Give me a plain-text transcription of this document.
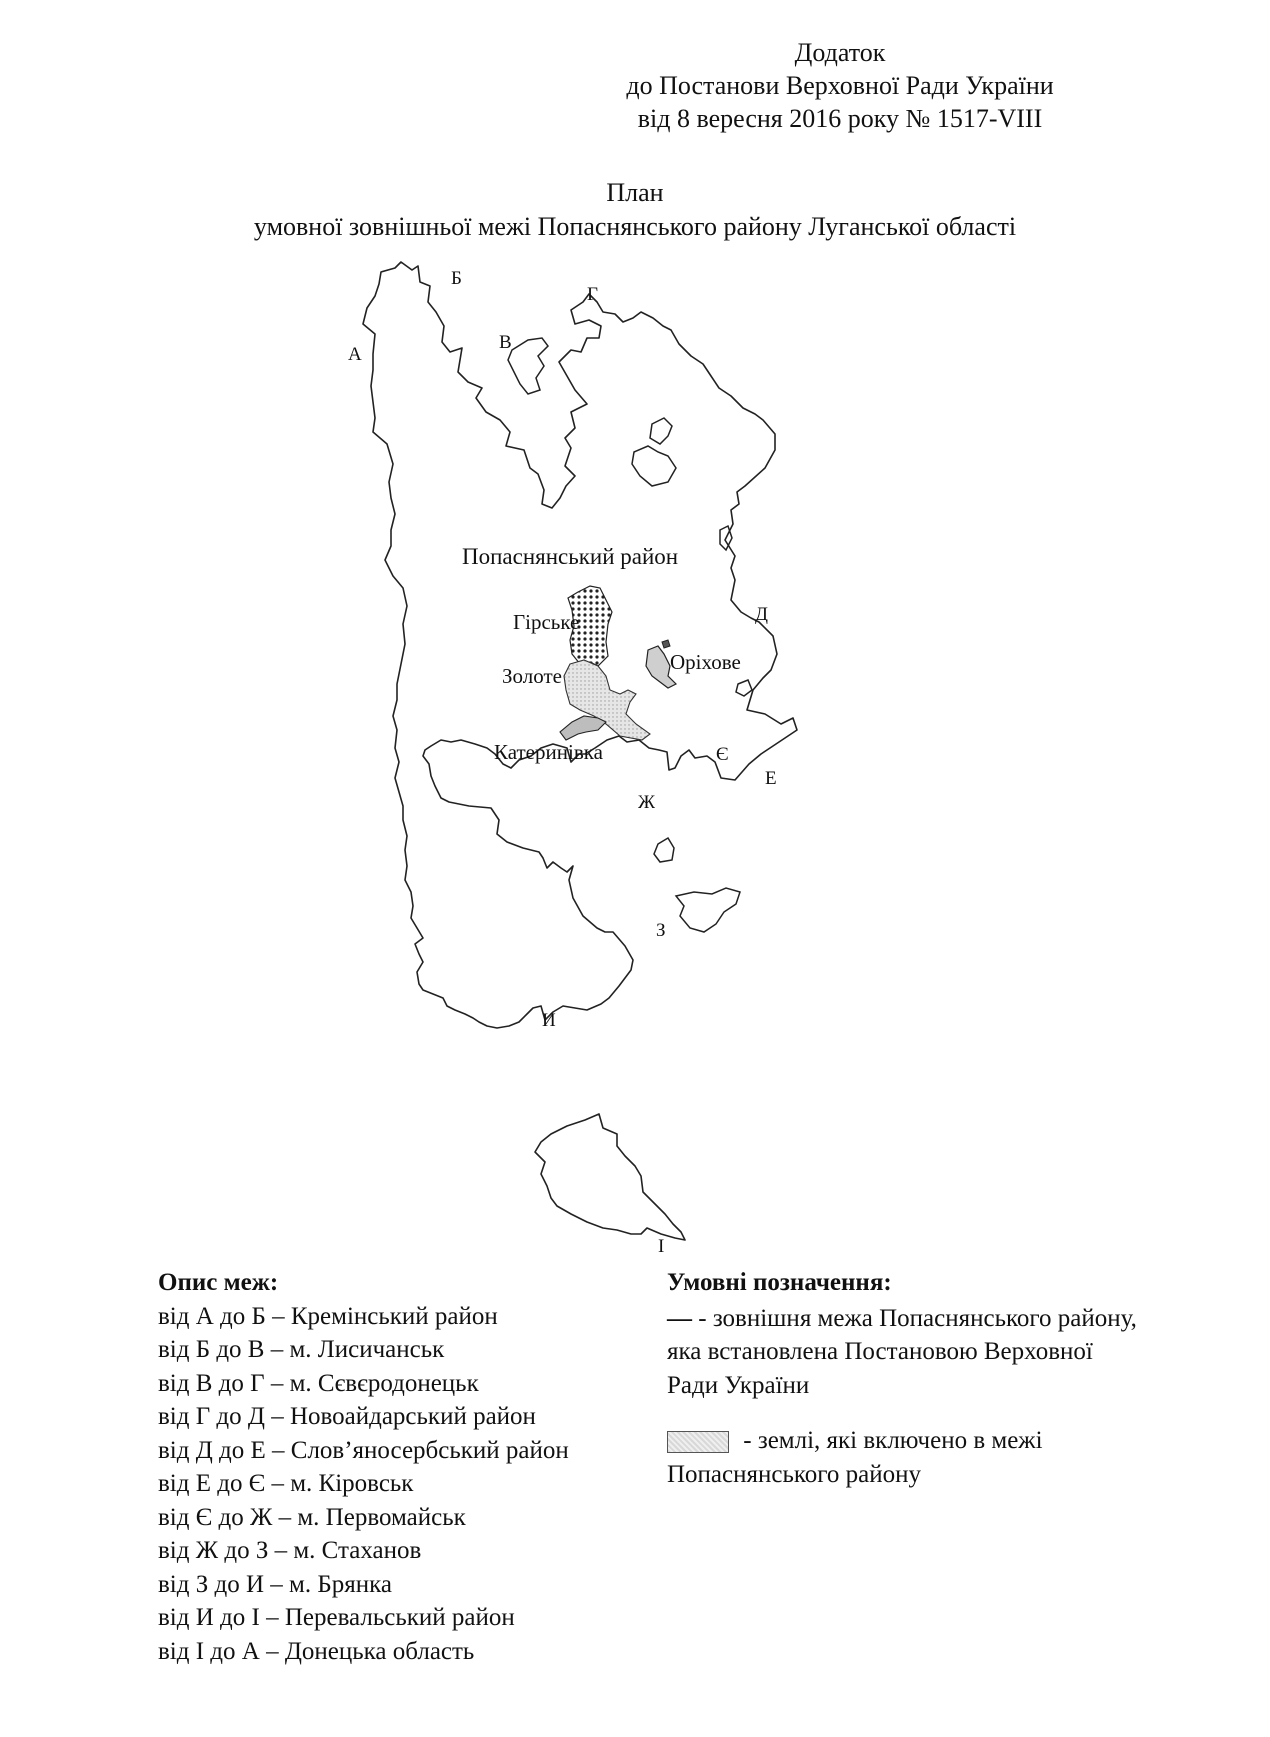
Додаток
до Постанови Верховної Ради України
від 8 вересня 2016 року № 1517-VIII
План
умовної зовнішньої межі Попаснянського району Луганської області
А
Б
В
Г
Д
Е
Є
Ж
З
И
І
Попаснянський район
Гірське
Золоте
Оріхове
Катеринівка
Опис меж:
від А до Б – Кремінський район
від Б до В – м. Лисичанськ
від В до Г – м. Сєвєродонецьк
від Г до Д – Новоайдарський район
від Д до Е – Слов’яносербський район
від Е до Є – м. Кіровськ
від Є до Ж – м. Первомайськ
від Ж до З – м. Стаханов
від З до И – м. Брянка
від И до І – Перевальський район
від І до А – Донецька область
Умовні позначення:
— - зовнішня межа Попаснянського району, яка встановлена Постановою Верховної Ради України
- землі, які включено в межі Попаснянського району
